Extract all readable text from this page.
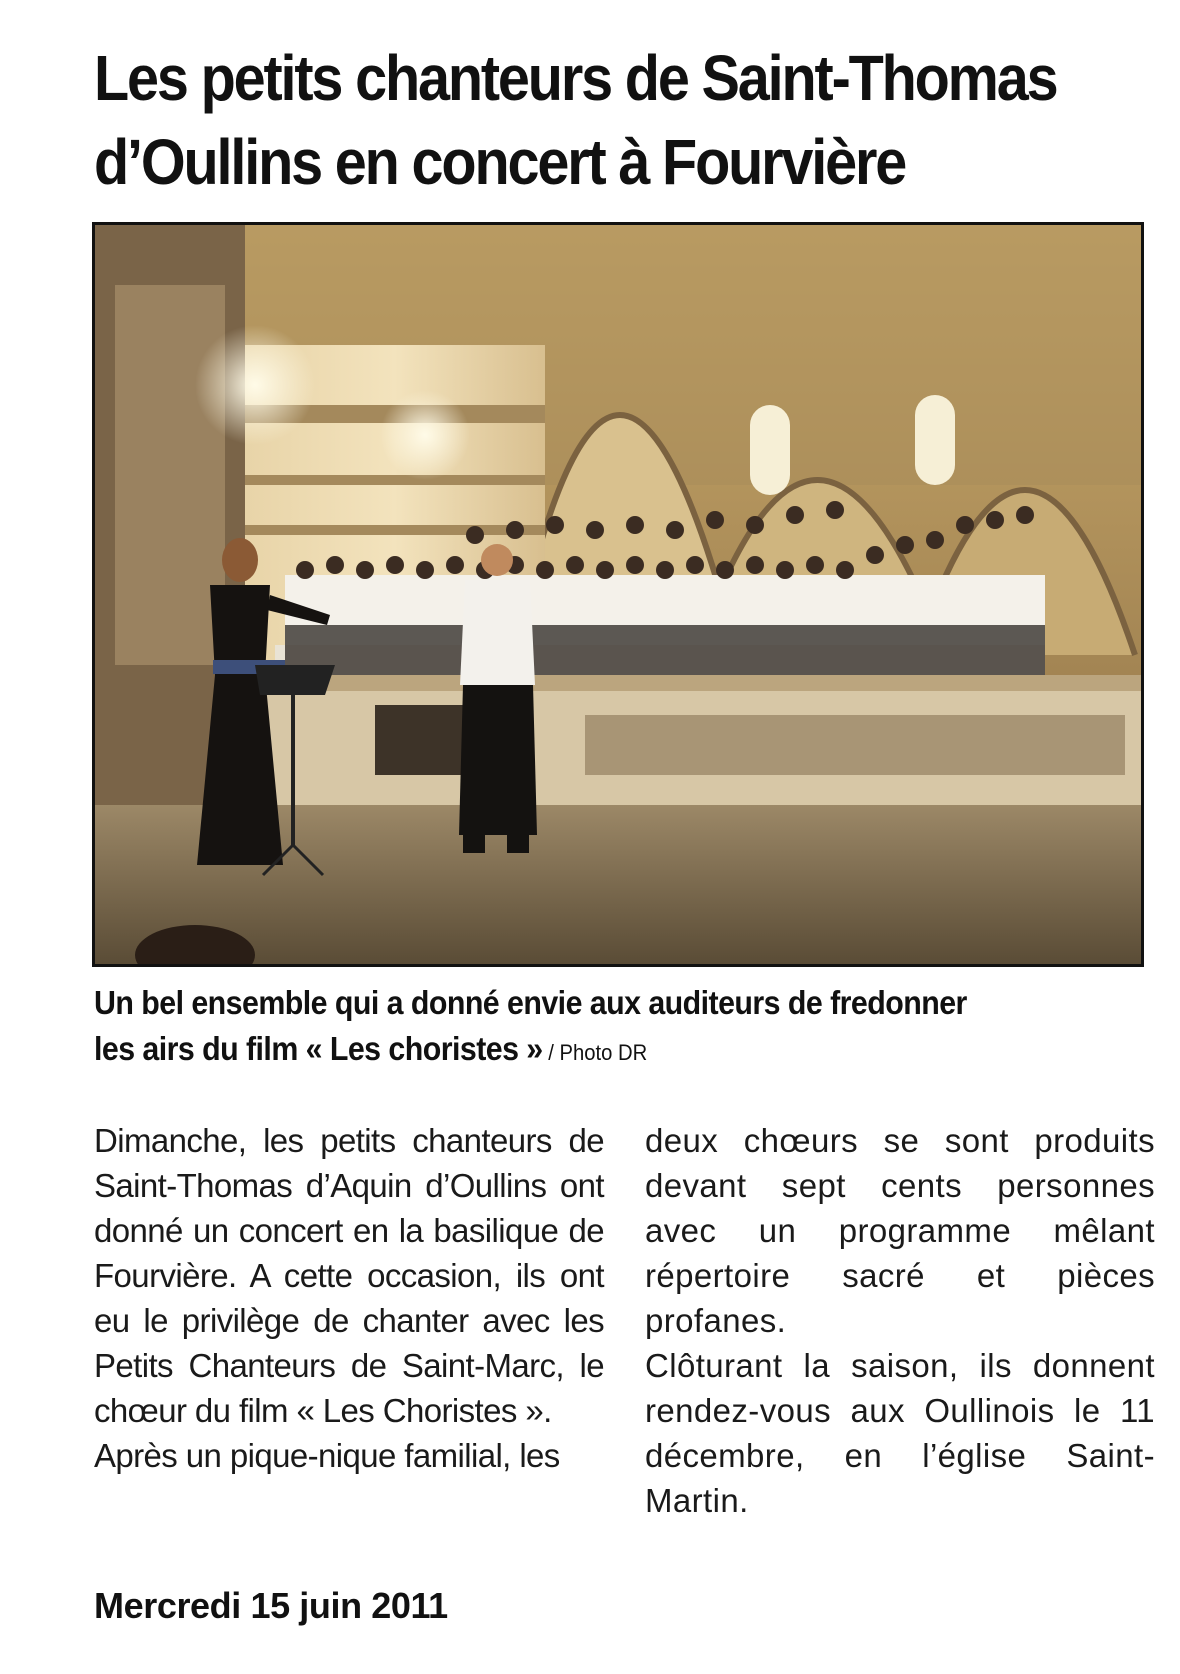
Les petits chanteurs de Saint-Thomas
d’Oullins en concert à Fourvière
Un bel ensemble qui a donné envie aux auditeurs de fredonner
les airs du film « Les choristes » / Photo DR

Dimanche, les petits chanteurs de Saint-Thomas d’Aquin d’Oullins ont donné un concert en la basilique de Fourvière. A cette occasion, ils ont eu le privilège de chanter avec les Petits Chanteurs de Saint-Marc, le chœur du film « Les Choristes ».

Après un pique-nique familial, les

deux chœurs se sont produits devant sept cents personnes avec un programme mêlant répertoire sacré et pièces profanes.

Clôturant la saison, ils donnent rendez-vous aux Oullinois le 11 décembre, en l’église Saint-Martin.

Mercredi 15 juin 2011
